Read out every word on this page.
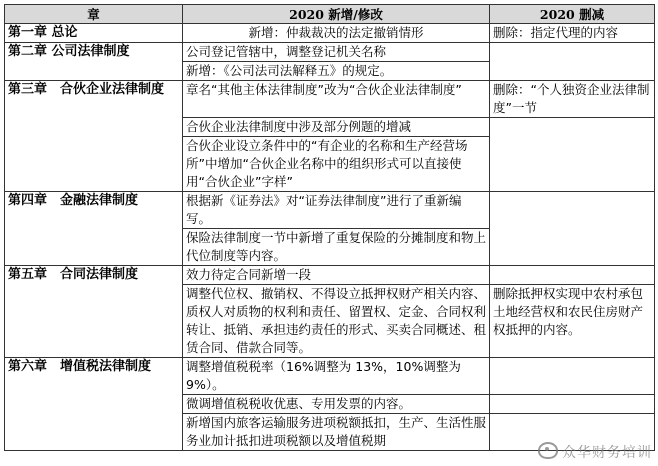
章	2020 新增/修改	2020 删减
第一章 总论	新增：仲裁裁决的法定撤销情形	删除：指定代理的内容
第二章 公司法律制度	公司登记管辖中，调整登记机关名称	
	新增：《公司法司法解释五》的规定。	
第三章　合伙企业法律制度	章名“其他主体法律制度”改为“合伙企业法律制度”	删除：“个人独资企业法律制度”一节
	合伙企业法律制度中涉及部分例题的增减	
	合伙企业设立条件中的“有企业的名称和生产经营场所”中增加“合伙企业名称中的组织形式可以直接使用“合伙企业”字样”	
第四章　金融法律制度	根据新《证券法》对“证券法律制度”进行了重新编写。	
	保险法律制度一节中新增了重复保险的分摊制度和物上代位制度等内容。	
第五章　合同法律制度	效力待定合同新增一段	
	调整代位权、撤销权、不得设立抵押权财产相关内容、质权人对质物的权利和责任、留置权、定金、合同权利转让、抵销、承担违约责任的形式、买卖合同概述、租赁合同、借款合同等。	删除抵押权实现中农村承包土地经营权和农民住房财产权抵押的内容。
第六章　增值税法律制度	调整增值税税率（16%调整为 13%，10%调整为 9%）。	
	微调增值税税收优惠、专用发票的内容。	
	新增国内旅客运输服务进项税额抵扣，生产、生活性服务业加计抵扣进项税额以及增值税期	
众华财务培训
